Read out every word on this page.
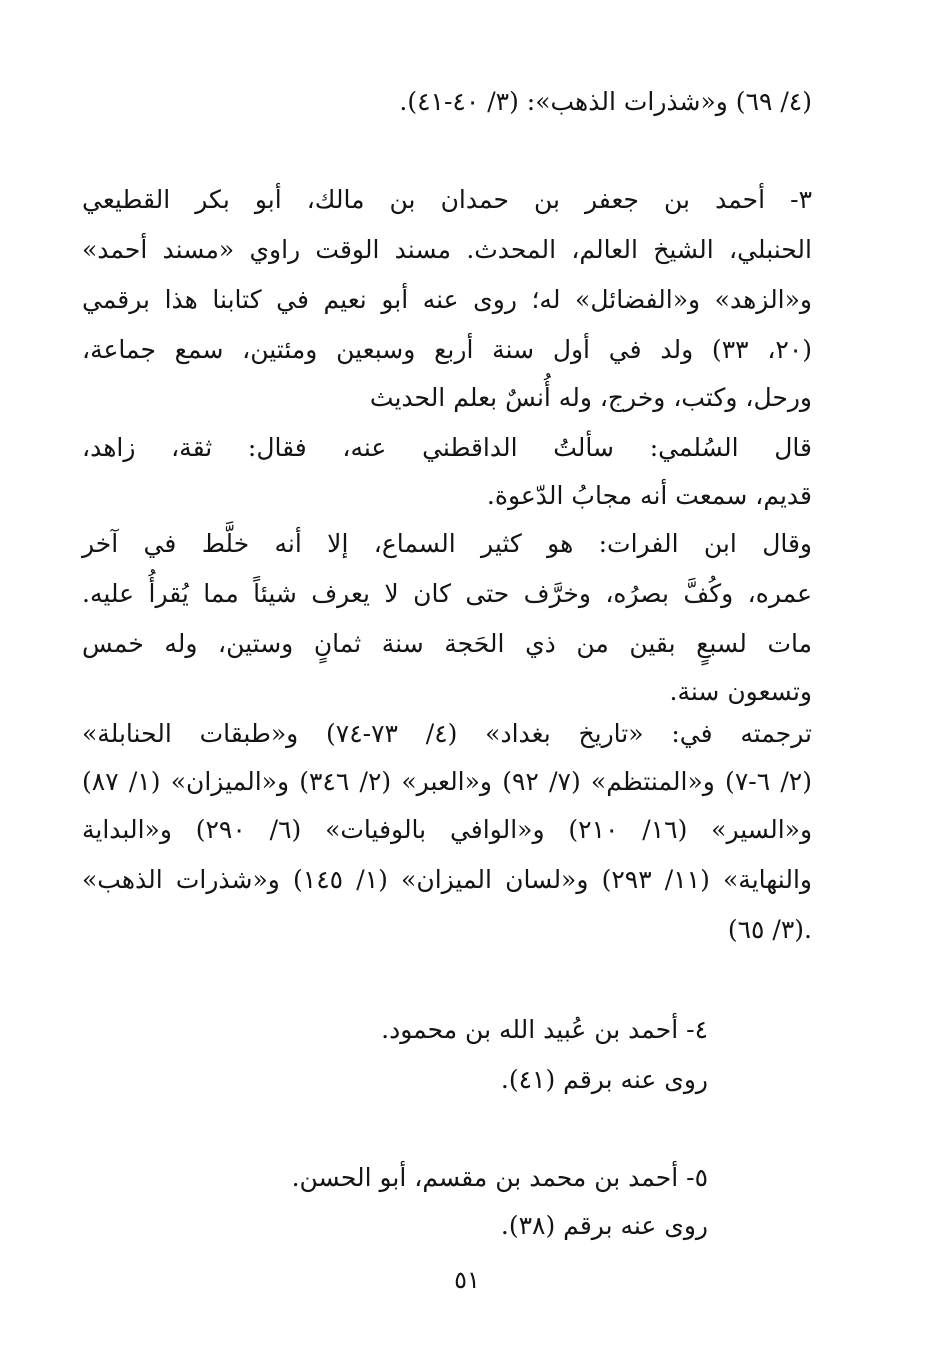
(٤/ ٦٩) و«شذرات الذهب»: (٣/ ٤٠-٤١).
٣- أحمد بن جعفر بن حمدان بن مالك، أبو بكر القطيعي
الحنبلي، الشيخ العالم، المحدث. مسند الوقت راوي «مسند أحمد»
و«الزهد» و«الفضائل» له؛ روى عنه أبو نعيم في كتابنا هذا برقمي
(٢٠، ٣٣) ولد في أول سنة أربع وسبعين ومئتين، سمع جماعة،
ورحل، وكتب، وخرج، وله أُنسٌ بعلم الحديث
قال السُلمي: سألتُ الداقطني عنه، فقال: ثقة، زاهد،
قديم، سمعت أنه مجابُ الدّعوة.
وقال ابن الفرات: هو كثير السماع، إلا أنه خلَّط في آخر
عمره، وكُفَّ بصرُه، وخرَّف حتى كان لا يعرف شيئاً مما يُقرأُ عليه.
مات لسبعٍ بقين من ذي الحَجة سنة ثمانٍ وستين، وله خمس
وتسعون سنة.
ترجمته في: «تاريخ بغداد» (٤/ ٧٣-٧٤) و«طبقات الحنابلة»
(٢/ ٦-٧) و«المنتظم» (٧/ ٩٢) و«العبر» (٢/ ٣٤٦) و«الميزان» (١/ ٨٧)
و«السير» (١٦/ ٢١٠) و«الوافي بالوفيات» (٦/ ٢٩٠) و«البداية
والنهاية» (١١/ ٢٩٣) و«لسان الميزان» (١/ ١٤٥) و«شذرات الذهب»
(٣/ ٦٥).
٤- أحمد بن عُبيد الله بن محمود.
روى عنه برقم (٤١).
٥- أحمد بن محمد بن مقسم، أبو الحسن.
روى عنه برقم (٣٨).
٥١
